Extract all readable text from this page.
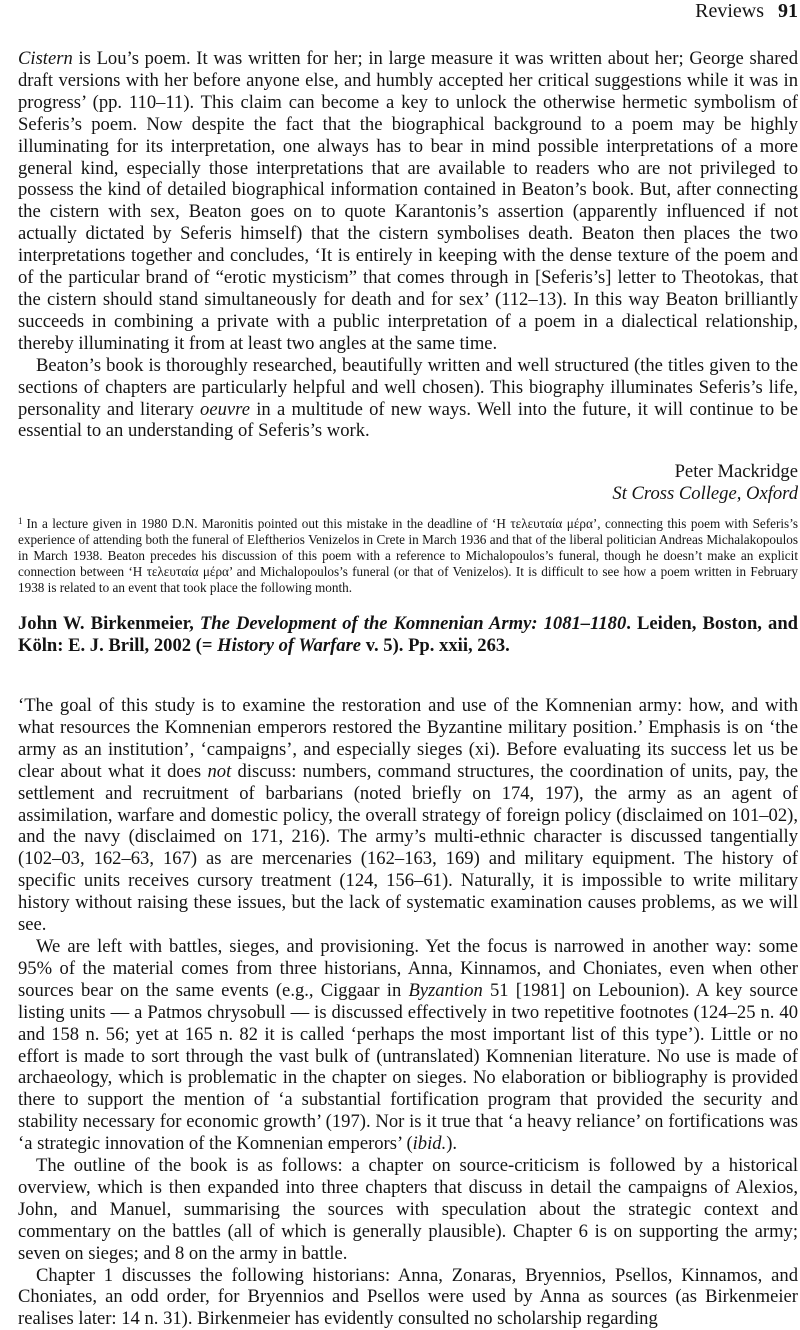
Reviews 91

Cistern is Lou’s poem. It was written for her; in large measure it was written about her; George shared draft versions with her before anyone else, and humbly accepted her critical suggestions while it was in progress’ (pp. 110–11). This claim can become a key to unlock the otherwise hermetic symbolism of Seferis’s poem. Now despite the fact that the biographical background to a poem may be highly illuminating for its interpretation, one always has to bear in mind possible interpretations of a more general kind, especially those interpretations that are available to readers who are not privileged to possess the kind of detailed biographical information contained in Beaton’s book. But, after connecting the cistern with sex, Beaton goes on to quote Karantonis’s assertion (apparently influenced if not actually dictated by Seferis himself) that the cistern symbolises death. Beaton then places the two interpretations together and concludes, ‘It is entirely in keeping with the dense texture of the poem and of the particular brand of “erotic mysticism” that comes through in [Seferis’s] letter to Theotokas, that the cistern should stand simultaneously for death and for sex’ (112–13). In this way Beaton brilliantly succeeds in combining a private with a public interpretation of a poem in a dialectical relationship, thereby illuminating it from at least two angles at the same time.

Beaton’s book is thoroughly researched, beautifully written and well structured (the titles given to the sections of chapters are particularly helpful and well chosen). This biography illuminates Seferis’s life, personality and literary oeuvre in a multitude of new ways. Well into the future, it will continue to be essential to an understanding of Seferis’s work.

Peter Mackridge
St Cross College, Oxford

$^1$ In a lecture given in 1980 D.N. Maronitis pointed out this mistake in the deadline of ‘Η τελευταία μέρα’, connecting this poem with Seferis’s experience of attending both the funeral of Eleftherios Venizelos in Crete in March 1936 and that of the liberal politician Andreas Michalakopoulos in March 1938. Beaton precedes his discussion of this poem with a reference to Michalopoulos’s funeral, though he doesn’t make an explicit connection between ‘Η τελευταία μέρα’ and Michalopoulos’s funeral (or that of Venizelos). It is difficult to see how a poem written in February 1938 is related to an event that took place the following month.

John W. Birkenmeier, The Development of the Komnenian Army: 1081–1180. Leiden, Boston, and Köln: E. J. Brill, 2002 (= History of Warfare v. 5). Pp. xxii, 263.

‘The goal of this study is to examine the restoration and use of the Komnenian army: how, and with what resources the Komnenian emperors restored the Byzantine military position.’ Emphasis is on ‘the army as an institution’, ‘campaigns’, and especially sieges (xi). Before evaluating its success let us be clear about what it does not discuss: numbers, command structures, the coordination of units, pay, the settlement and recruitment of barbarians (noted briefly on 174, 197), the army as an agent of assimilation, warfare and domestic policy, the overall strategy of foreign policy (disclaimed on 101–02), and the navy (disclaimed on 171, 216). The army’s multi-ethnic character is discussed tangentially (102–03, 162–63, 167) as are mercenaries (162–163, 169) and military equipment. The history of specific units receives cursory treatment (124, 156–61). Naturally, it is impossible to write military history without raising these issues, but the lack of systematic examination causes problems, as we will see.

We are left with battles, sieges, and provisioning. Yet the focus is narrowed in another way: some 95% of the material comes from three historians, Anna, Kinnamos, and Choniates, even when other sources bear on the same events (e.g., Ciggaar in Byzantion 51 [1981] on Lebounion). A key source listing units — a Patmos chrysobull — is discussed effectively in two repetitive footnotes (124–25 n. 40 and 158 n. 56; yet at 165 n. 82 it is called ‘perhaps the most important list of this type’). Little or no effort is made to sort through the vast bulk of (untranslated) Komnenian literature. No use is made of archaeology, which is problematic in the chapter on sieges. No elaboration or bibliography is provided there to support the mention of ‘a substantial fortification program that provided the security and stability necessary for economic growth’ (197). Nor is it true that ‘a heavy reliance’ on fortifications was ‘a strategic innovation of the Komnenian emperors’ (ibid.).

The outline of the book is as follows: a chapter on source-criticism is followed by a historical overview, which is then expanded into three chapters that discuss in detail the campaigns of Alexios, John, and Manuel, summarising the sources with speculation about the strategic context and commentary on the battles (all of which is generally plausible). Chapter 6 is on supporting the army; seven on sieges; and 8 on the army in battle.

Chapter 1 discusses the following historians: Anna, Zonaras, Bryennios, Psellos, Kinnamos, and Choniates, an odd order, for Bryennios and Psellos were used by Anna as sources (as Birkenmeier realises later: 14 n. 31). Birkenmeier has evidently consulted no scholarship regarding
